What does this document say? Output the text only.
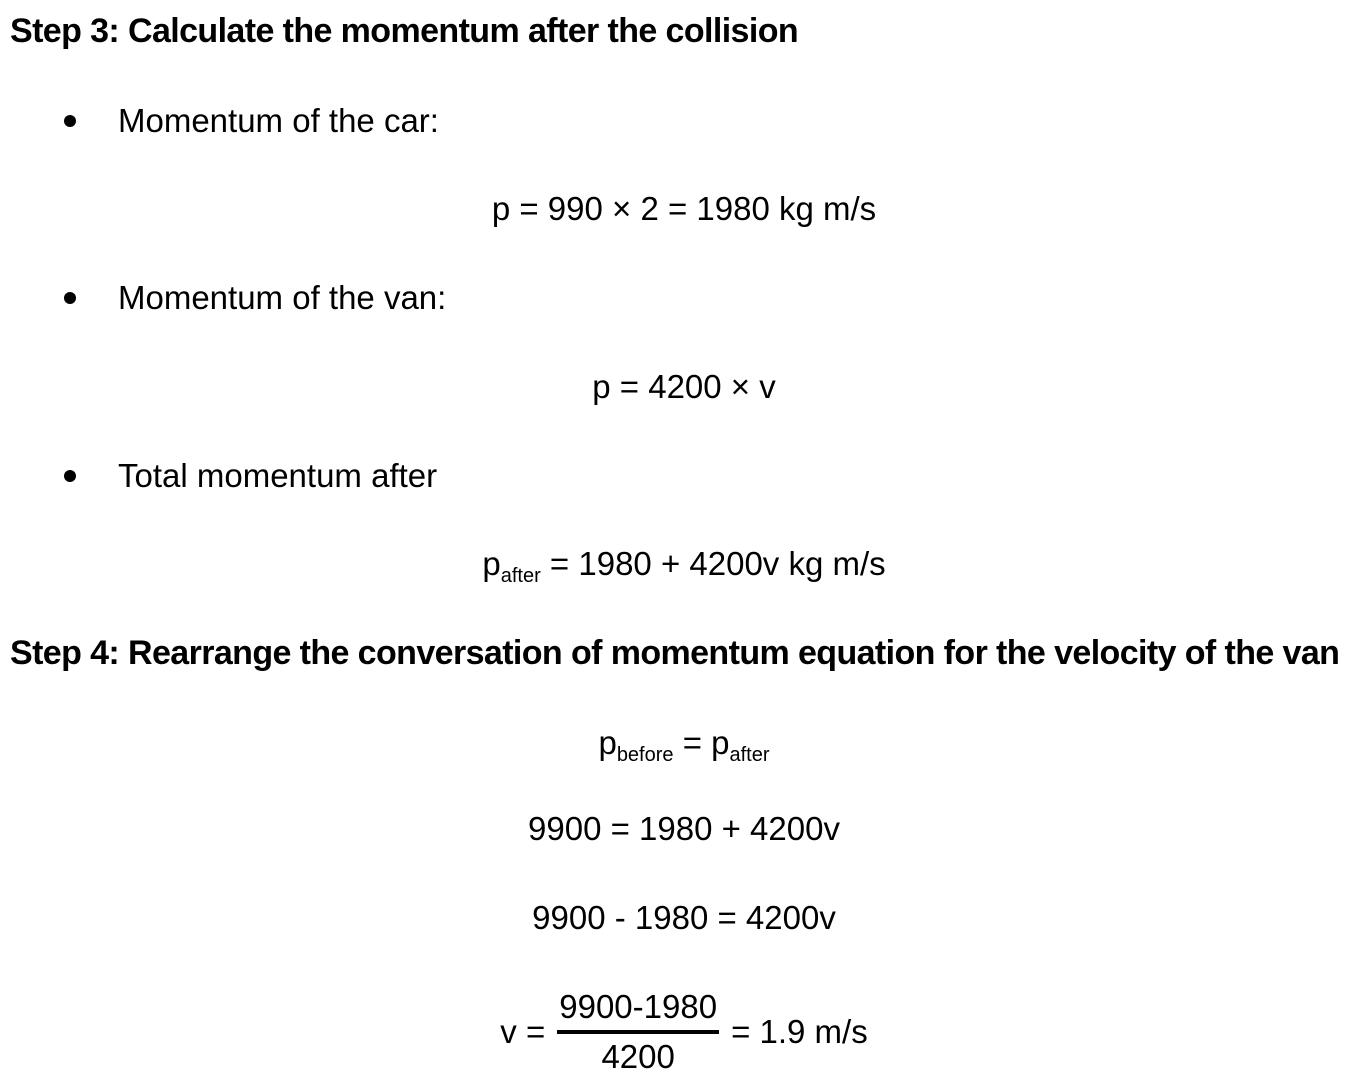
Step 3: Calculate the momentum after the collision
Momentum of the car:
p = 990 × 2 = 1980 kg m/s
Momentum of the van:
p = 4200 × v
Total momentum after
$p_{after} = 1980 + 4200v$ kg m/s
Step 4: Rearrange the conversation of momentum equation for the velocity of the van
$p_{before} = p_{after}$
9900 = 1980 + 4200v
9900 - 1980 = 4200v
$v = \frac{9900-1980}{4200} = 1.9$ m/s
